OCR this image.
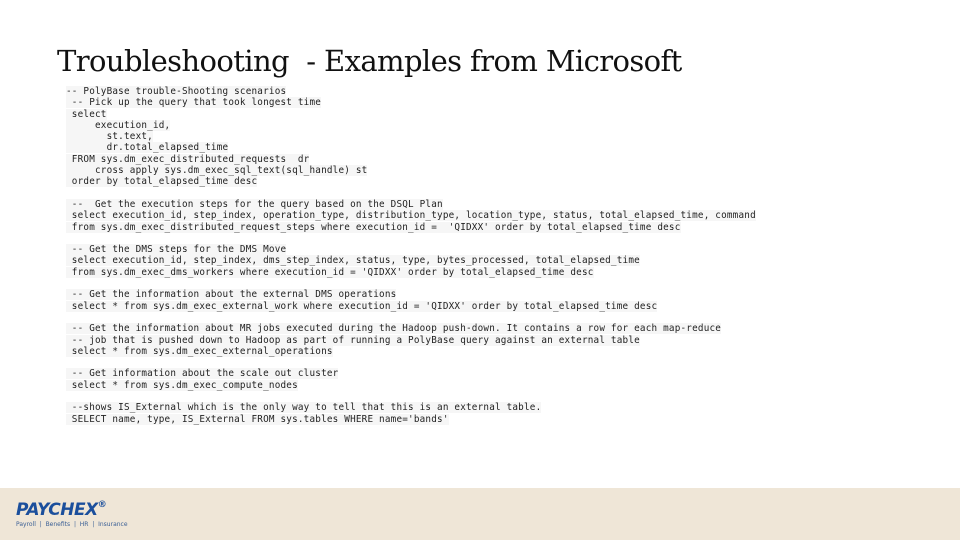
Troubleshooting  - Examples from Microsoft
-- PolyBase trouble-Shooting scenarios
-- Pick up the query that took longest time
select
execution_id,
st.text,
dr.total_elapsed_time
FROM sys.dm_exec_distributed_requests  dr
cross apply sys.dm_exec_sql_text(sql_handle) st
order by total_elapsed_time desc
--  Get the execution steps for the query based on the DSQL Plan
select execution_id, step_index, operation_type, distribution_type, location_type, status, total_elapsed_time, command
from sys.dm_exec_distributed_request_steps where execution_id =  'QIDXX' order by total_elapsed_time desc
-- Get the DMS steps for the DMS Move
select execution_id, step_index, dms_step_index, status, type, bytes_processed, total_elapsed_time
from sys.dm_exec_dms_workers where execution_id = 'QIDXX' order by total_elapsed_time desc
-- Get the information about the external DMS operations
select * from sys.dm_exec_external_work where execution_id = 'QIDXX' order by total_elapsed_time desc
-- Get the information about MR jobs executed during the Hadoop push-down. It contains a row for each map-reduce
-- job that is pushed down to Hadoop as part of running a PolyBase query against an external table
select * from sys.dm_exec_external_operations
-- Get information about the scale out cluster
select * from sys.dm_exec_compute_nodes
--shows IS_External which is the only way to tell that this is an external table.
SELECT name, type, IS_External FROM sys.tables WHERE name='bands'
PAYCHEX®
Payroll  |  Benefits  |  HR  |  Insurance
